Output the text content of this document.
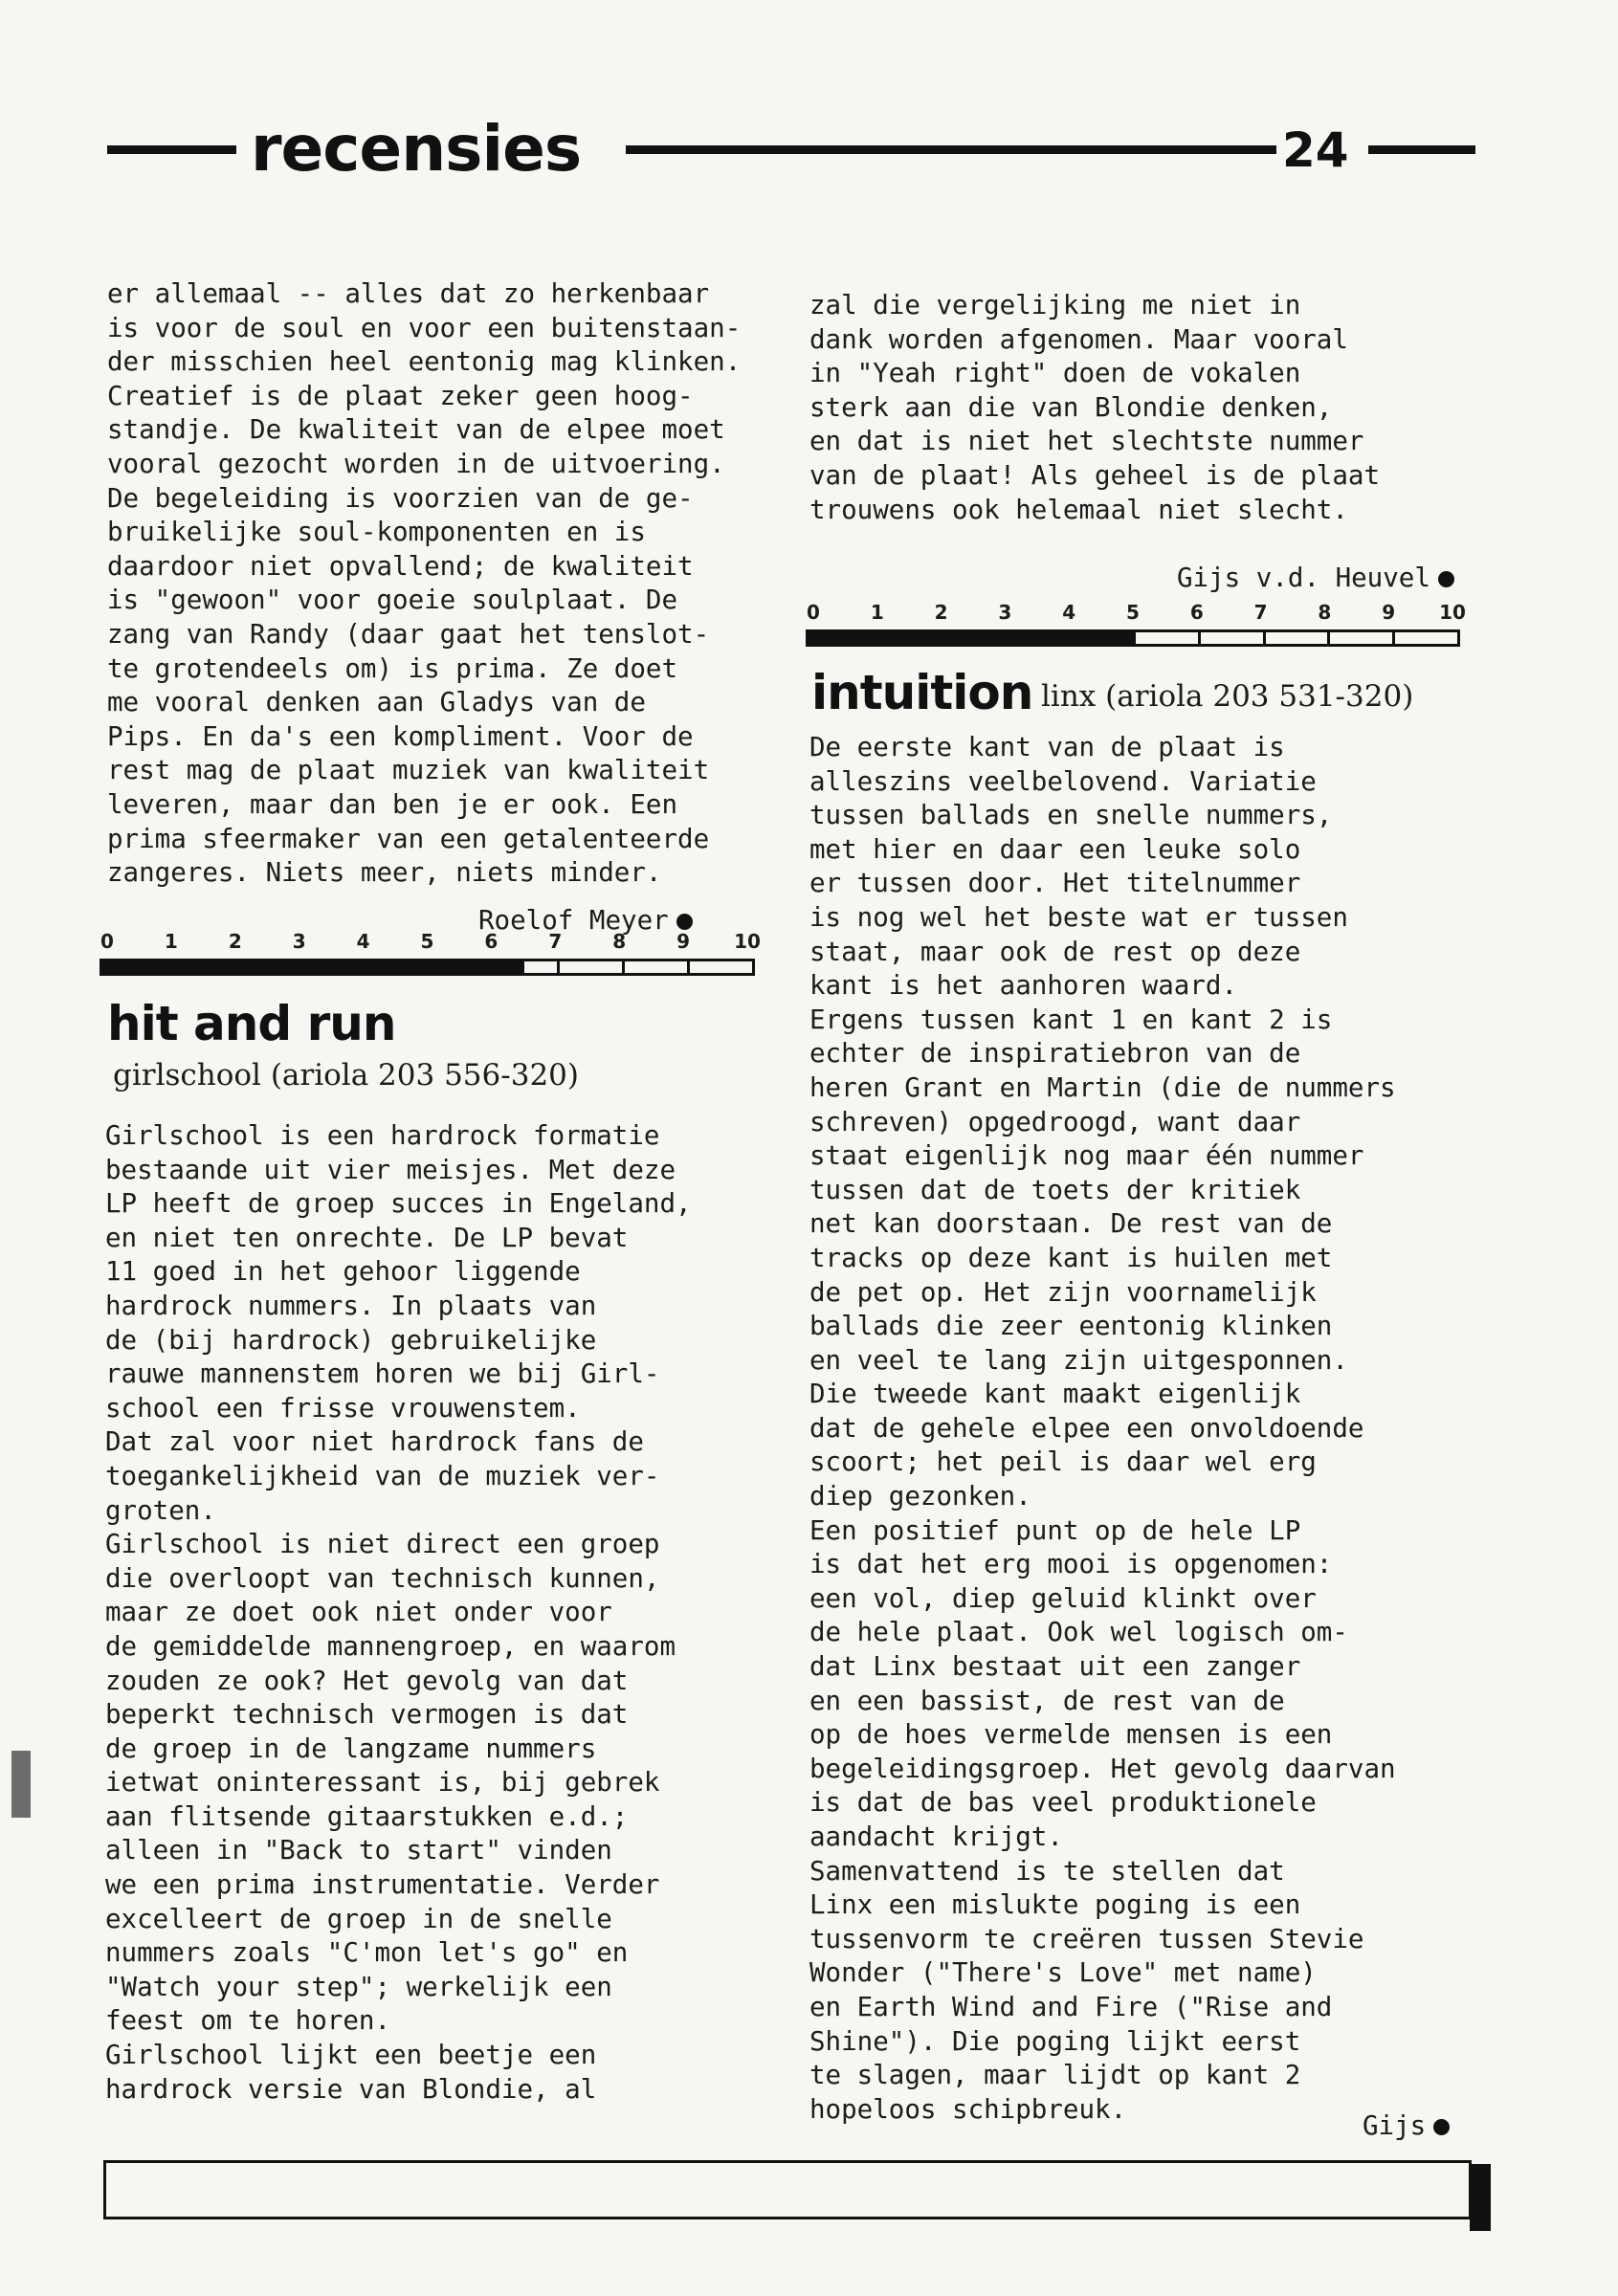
recensies	24
er allemaal -- alles dat zo herkenbaar
is voor de soul en voor een buitenstaan-
der misschien heel eentonig mag klinken.
Creatief is de plaat zeker geen hoog-
standje. De kwaliteit van de elpee moet
vooral gezocht worden in de uitvoering.
De begeleiding is voorzien van de ge-
bruikelijke soul-komponenten en is
daardoor niet opvallend; de kwaliteit
is "gewoon" voor goeie soulplaat. De
zang van Randy (daar gaat het tenslot-
te grotendeels om) is prima. Ze doet
me vooral denken aan Gladys van de
Pips. En da's een kompliment. Voor de
rest mag de plaat muziek van kwaliteit
leveren, maar dan ben je er ook. Een
prima sfeermaker van een getalenteerde
zangeres. Niets meer, niets minder.
Roelof Meyer
0	1	2	3	4	5	6	7	8	9 10
hit and run
girlschool (ariola 203 556-320)
Girlschool is een hardrock formatie
bestaande uit vier meisjes. Met deze
LP heeft de groep succes in Engeland,
en niet ten onrechte. De LP bevat
11 goed in het gehoor liggende
hardrock nummers. In plaats van
de (bij hardrock) gebruikelijke
rauwe mannenstem horen we bij Girl-
school een frisse vrouwenstem.
Dat zal voor niet hardrock fans de
toegankelijkheid van de muziek ver-
groten.
Girlschool is niet direct een groep
die overloopt van technisch kunnen,
maar ze doet ook niet onder voor
de gemiddelde mannengroep, en waarom
zouden ze ook? Het gevolg van dat
beperkt technisch vermogen is dat
de groep in de langzame nummers
ietwat oninteressant is, bij gebrek
aan flitsende gitaarstukken e.d.;
alleen in "Back to start" vinden
we een prima instrumentatie. Verder
excelleert de groep in de snelle
nummers zoals "C'mon let's go" en
"Watch your step"; werkelijk een
feest om te horen.
Girlschool lijkt een beetje een
hardrock versie van Blondie, al
zal die vergelijking me niet in
dank worden afgenomen. Maar vooral
in "Yeah right" doen de vokalen
sterk aan die van Blondie denken,
en dat is niet het slechtste nummer
van de plaat! Als geheel is de plaat
trouwens ook helemaal niet slecht.
Gijs v.d. Heuvel
0	1	2	3	4	5	6	7	8	9 10
intuition linx (ariola 203 531-320)
De eerste kant van de plaat is
alleszins veelbelovend. Variatie
tussen ballads en snelle nummers,
met hier en daar een leuke solo
er tussen door. Het titelnummer
is nog wel het beste wat er tussen
staat, maar ook de rest op deze
kant is het aanhoren waard.
Ergens tussen kant 1 en kant 2 is
echter de inspiratiebron van de
heren Grant en Martin (die de nummers
schreven) opgedroogd, want daar
staat eigenlijk nog maar één nummer
tussen dat de toets der kritiek
net kan doorstaan. De rest van de
tracks op deze kant is huilen met
de pet op. Het zijn voornamelijk
ballads die zeer eentonig klinken
en veel te lang zijn uitgesponnen.
Die tweede kant maakt eigenlijk
dat de gehele elpee een onvoldoende
scoort; het peil is daar wel erg
diep gezonken.
Een positief punt op de hele LP
is dat het erg mooi is opgenomen:
een vol, diep geluid klinkt over
de hele plaat. Ook wel logisch om-
dat Linx bestaat uit een zanger
en een bassist, de rest van de
op de hoes vermelde mensen is een
begeleidingsgroep. Het gevolg daarvan
is dat de bas veel produktionele
aandacht krijgt.
Samenvattend is te stellen dat
Linx een mislukte poging is een
tussenvorm te creëren tussen Stevie
Wonder ("There's Love" met name)
en Earth Wind and Fire ("Rise and
Shine"). Die poging lijkt eerst
te slagen, maar lijdt op kant 2
hopeloos schipbreuk.
Gijs
